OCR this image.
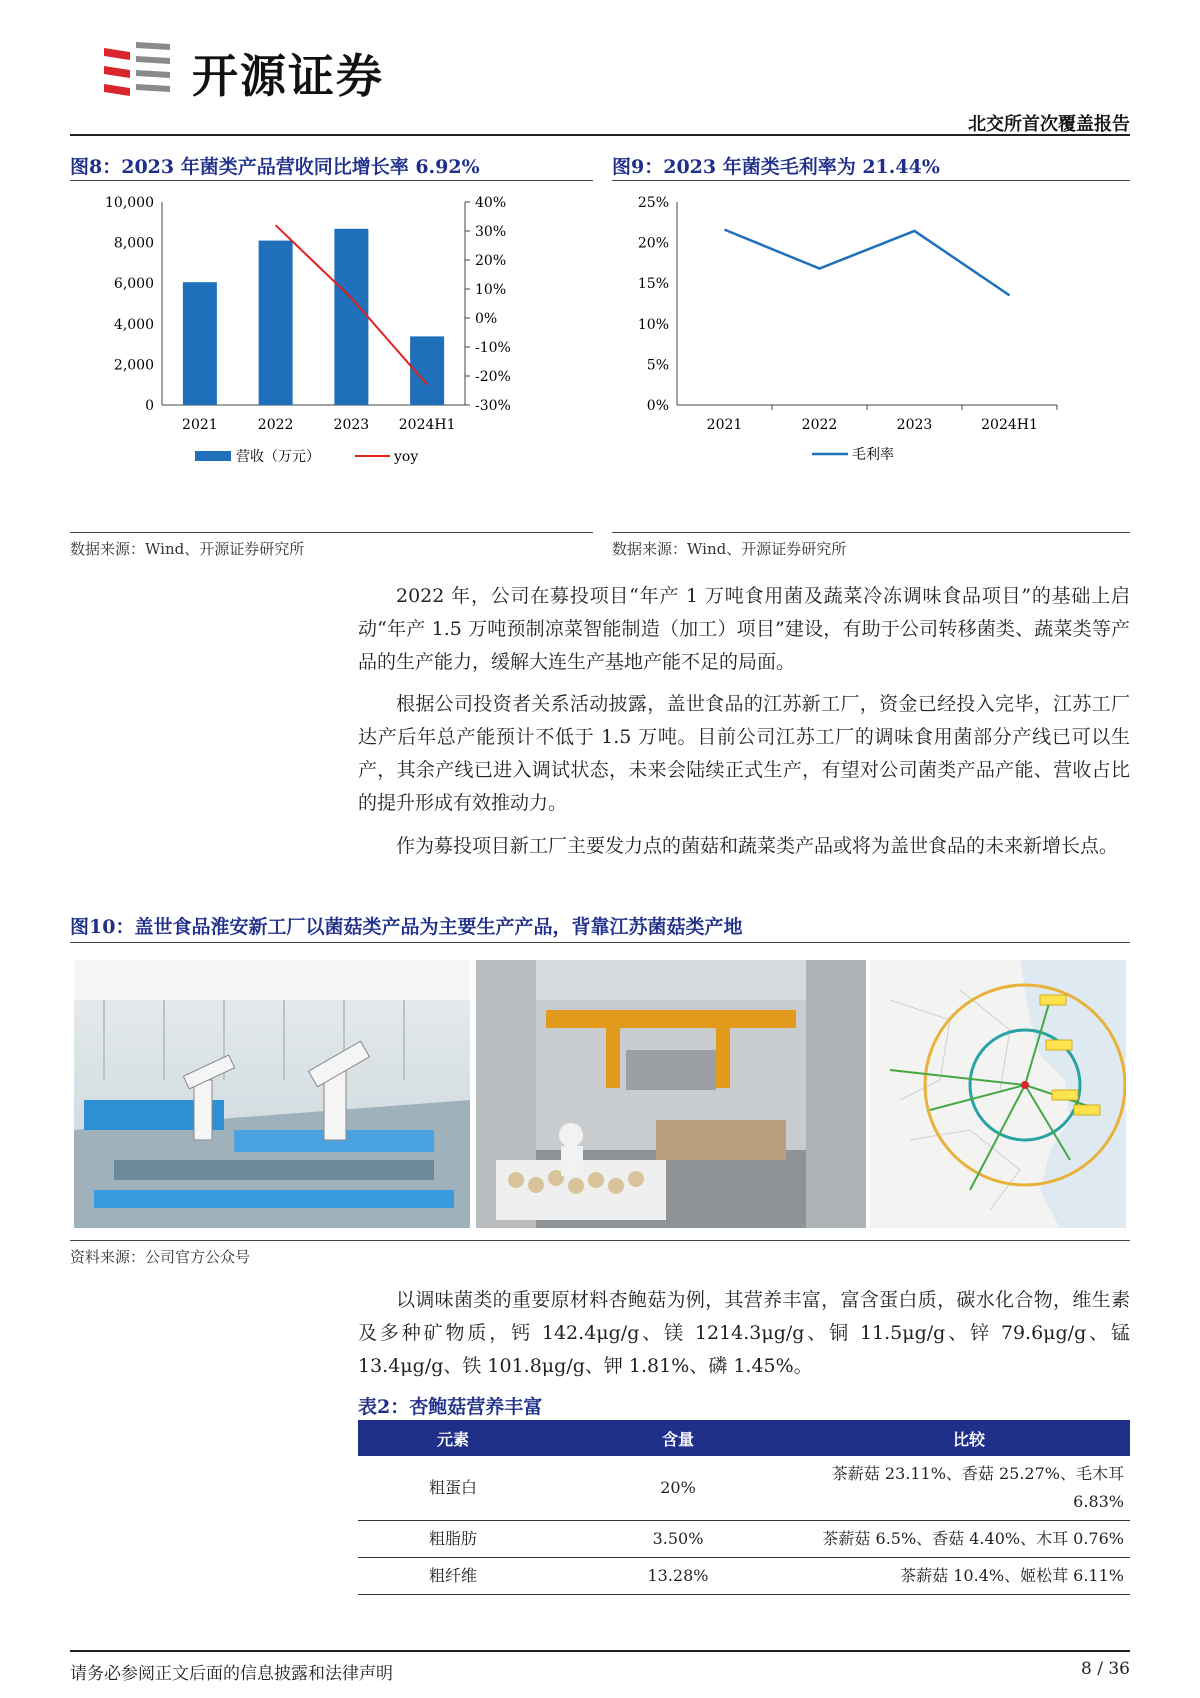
开源证券
北交所首次覆盖报告
图8：2023 年菌类产品营收同比增长率 6.92%
0
2,000
4,000
6,000
8,000
10,000
-30%
-20%
-10%
0%
10%
20%
30%
40%
2021	2022	2023 2024H1
营收（万元）	yoy
数据来源：Wind、开源证券研究所
图9：2023 年菌类毛利率为 21.44%
0%
5%
10%
15%
20%
25%
2021	2022	2023	2024H1
毛利率
数据来源：Wind、开源证券研究所

2022 年，公司在募投项目“年产 1 万吨食用菌及蔬菜冷冻调味食品项目”的基础上启动“年产 1.5 万吨预制凉菜智能制造（加工）项目”建设，有助于公司转移菌类、蔬菜类等产品的生产能力，缓解大连生产基地产能不足的局面。

根据公司投资者关系活动披露，盖世食品的江苏新工厂，资金已经投入完毕，江苏工厂达产后年总产能预计不低于 1.5 万吨。目前公司江苏工厂的调味食用菌部分产线已可以生产，其余产线已进入调试状态，未来会陆续正式生产，有望对公司菌类产品产能、营收占比的提升形成有效推动力。

作为募投项目新工厂主要发力点的菌菇和蔬菜类产品或将为盖世食品的未来新增长点。

图10：盖世食品淮安新工厂以菌菇类产品为主要生产产品，背靠江苏菌菇类产地
资料来源：公司官方公众号

以调味菌类的重要原材料杏鲍菇为例，其营养丰富，富含蛋白质，碳水化合物，维生素及多种矿物质，钙 142.4μg/g、镁 1214.3μg/g、铜 11.5μg/g、锌 79.6μg/g、锰 13.4μg/g、铁 101.8μg/g、钾 1.81%、磷 1.45%。

表2：杏鲍菇营养丰富
元素	含量	比较
粗蛋白	20%	茶薪菇 23.11%、香菇 25.27%、毛木耳 6.83%
粗脂肪	3.50%	茶薪菇 6.5%、香菇 4.40%、木耳 0.76%
粗纤维	13.28%	茶薪菇 10.4%、姬松茸 6.11%
请务必参阅正文后面的信息披露和法律声明	8 / 36
